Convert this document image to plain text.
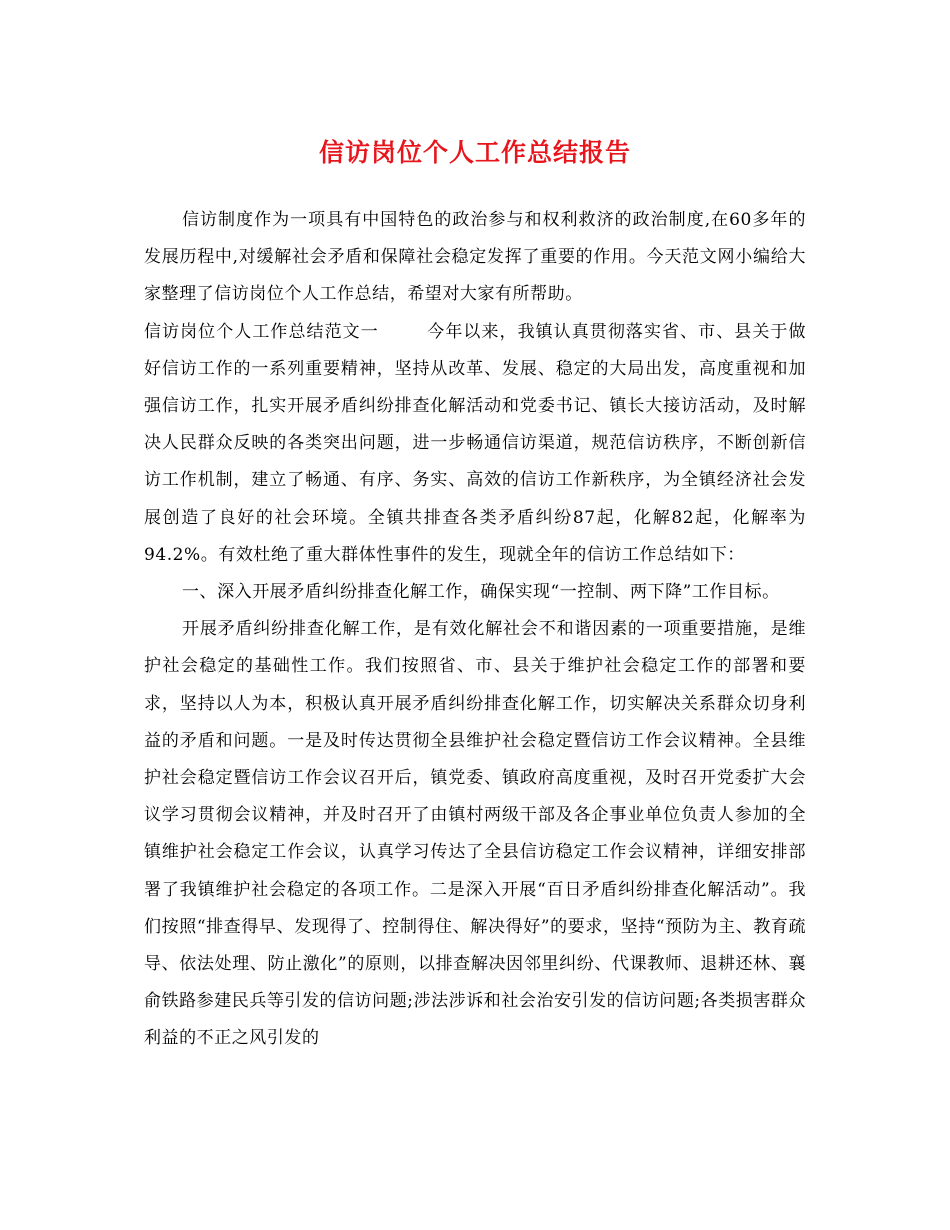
信访岗位个人工作总结报告

信访制度作为一项具有中国特色的政治参与和权利救济的政治制度,在60多年的发展历程中,对缓解社会矛盾和保障社会稳定发挥了重要的作用。今天范文网小编给大家整理了信访岗位个人工作总结，希望对大家有所帮助。

信访岗位个人工作总结范文一	今年以来，我镇认真贯彻落实省、市、县关于做好信访工作的一系列重要精神，坚持从改革、发展、稳定的大局出发，高度重视和加强信访工作，扎实开展矛盾纠纷排查化解活动和党委书记、镇长大接访活动，及时解决人民群众反映的各类突出问题，进一步畅通信访渠道，规范信访秩序，不断创新信访工作机制，建立了畅通、有序、务实、高效的信访工作新秩序，为全镇经济社会发展创造了良好的社会环境。全镇共排查各类矛盾纠纷87起，化解82起，化解率为94.2%。有效杜绝了重大群体性事件的发生，现就全年的信访工作总结如下：

一、深入开展矛盾纠纷排查化解工作，确保实现“一控制、两下降”工作目标。

开展矛盾纠纷排查化解工作，是有效化解社会不和谐因素的一项重要措施，是维护社会稳定的基础性工作。我们按照省、市、县关于维护社会稳定工作的部署和要求，坚持以人为本，积极认真开展矛盾纠纷排查化解工作，切实解决关系群众切身利益的矛盾和问题。一是及时传达贯彻全县维护社会稳定暨信访工作会议精神。全县维护社会稳定暨信访工作会议召开后，镇党委、镇政府高度重视，及时召开党委扩大会议学习贯彻会议精神，并及时召开了由镇村两级干部及各企事业单位负责人参加的全镇维护社会稳定工作会议，认真学习传达了全县信访稳定工作会议精神，详细安排部署了我镇维护社会稳定的各项工作。二是深入开展“百日矛盾纠纷排查化解活动”。我们按照“排查得早、发现得了、控制得住、解决得好”的要求，坚持“预防为主、教育疏导、依法处理、防止激化”的原则，以排查解决因邻里纠纷、代课教师、退耕还林、襄俞铁路参建民兵等引发的信访问题;涉法涉诉和社会治安引发的信访问题;各类损害群众利益的不正之风引发的
